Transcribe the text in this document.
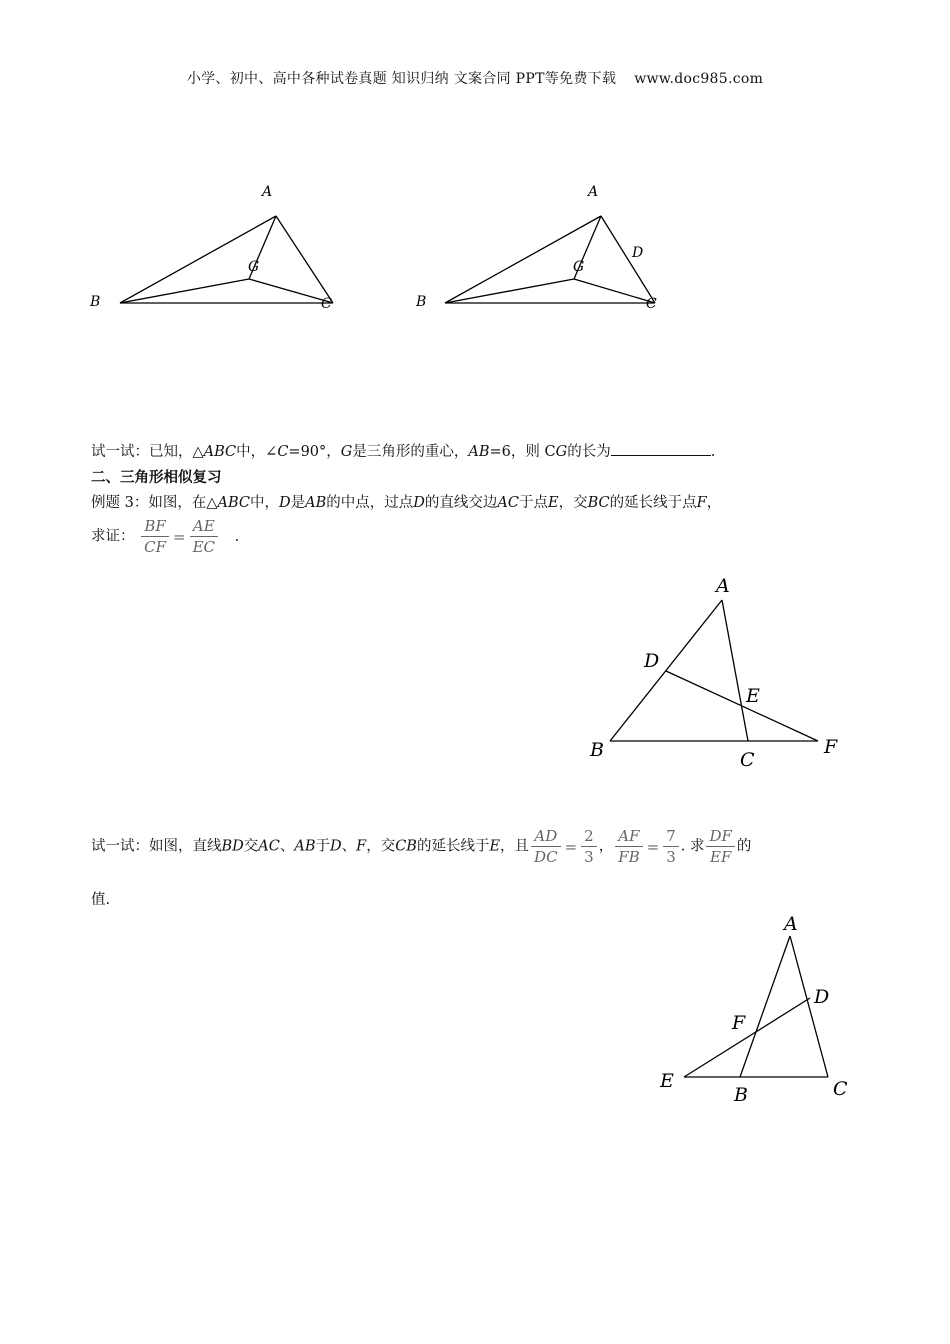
小学、初中、高中各种试卷真题 知识归纳 文案合同 PPT等免费下载 www.doc985.com
A
B	C
G
A
B	C
G
D
试一试：已知，△ABC中，∠C=90°，G是三角形的重心，AB=6，则 CG的长为	.
二、三角形相似复习
例题 3：如图，在△ABC中，D是AB的中点，过点D的直线交边AC于点E，交BC的延长线于点F，
求证： $\frac{BF}{CF} = \frac{AE}{EC}$ .
A
D
E
B	C
F
试一试：如图，直线BD交AC、AB于D、F，交CB的延长线于E，且 $\frac{AD}{DC} = \frac{2}{3}$ ， $\frac{AF}{FB} = \frac{7}{3}$ . 求 $\frac{DF}{EF}$ 的
值.
A
D
F
E
B	C
